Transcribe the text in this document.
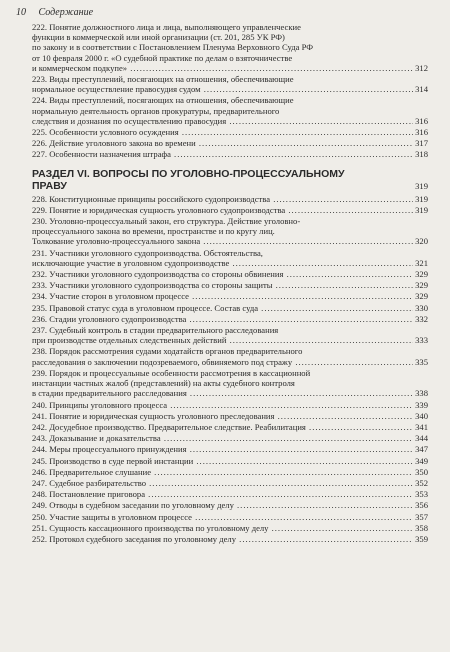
10 Содержание
222. Понятие должностного лица и лица, выполняющего управленческие
функции в коммерческой или иной организации (ст. 201, 285 УК РФ)
по закону и в соответствии с Постановлением Пленума Верховного Суда РФ
от 10 февраля 2000 г. «О судебной практике по делам о взяточничестве
и коммерческом подкупе» .....	312
223. Виды преступлений, посягающих на отношения, обеспечивающие
нормальное осуществление правосудия судом .....	314
224. Виды преступлений, посягающих на отношения, обеспечивающие
нормальную деятельность органов прокуратуры, предварительного
следствия и дознания по осуществлению правосудия .....	316
225. Особенности условного осуждения .....	316
226. Действие уголовного закона во времени .....	317
227. Особенности назначения штрафа .....	318
РАЗДЕЛ VI. ВОПРОСЫ ПО УГОЛОВНО-ПРОЦЕССУАЛЬНОМУ
ПРАВУ	319
228. Конституционные принципы российского судопроизводства .....	319
229. Понятие и юридическая сущность уголовного судопроизводства .....	319
230. Уголовно-процессуальный закон, его структура. Действие уголовно-
процессуального закона во времени, пространстве и по кругу лиц.
Толкование уголовно-процессуального закона .....	320
231. Участники уголовного судопроизводства. Обстоятельства,
исключающие участие в уголовном судопроизводстве .....	321
232. Участники уголовного судопроизводства со стороны обвинения .....	329
233. Участники уголовного судопроизводства со стороны защиты .....	329
234. Участие сторон в уголовном процессе .....	329
235. Правовой статус суда в уголовном процессе. Состав суда .....	330
236. Стадии уголовного судопроизводства .....	332
237. Судебный контроль в стадии предварительного расследования
при производстве отдельных следственных действий .....	333
238. Порядок рассмотрения судами ходатайств органов предварительного
расследования о заключении подозреваемого, обвиняемого под стражу .....	335
239. Порядок и процессуальные особенности рассмотрения в кассационной
инстанции частных жалоб (представлений) на акты судебного контроля
в стадии предварительного расследования .....	338
240. Принципы уголовного процесса .....	339
241. Понятие и юридическая сущность уголовного преследования .....	340
242. Досудебное производство. Предварительное следствие. Реабилитация .....	341
243. Доказывание и доказательства .....	344
244. Меры процессуального принуждения .....	347
245. Производство в суде первой инстанции .....	349
246. Предварительное слушание .....	350
247. Судебное разбирательство .....	352
248. Постановление приговора .....	353
249. Отводы в судебном заседании по уголовному делу .....	356
250. Участие защиты в уголовном процессе .....	357
251. Сущность кассационного производства по уголовному делу .....	358
252. Протокол судебного заседания по уголовному делу .....	359
